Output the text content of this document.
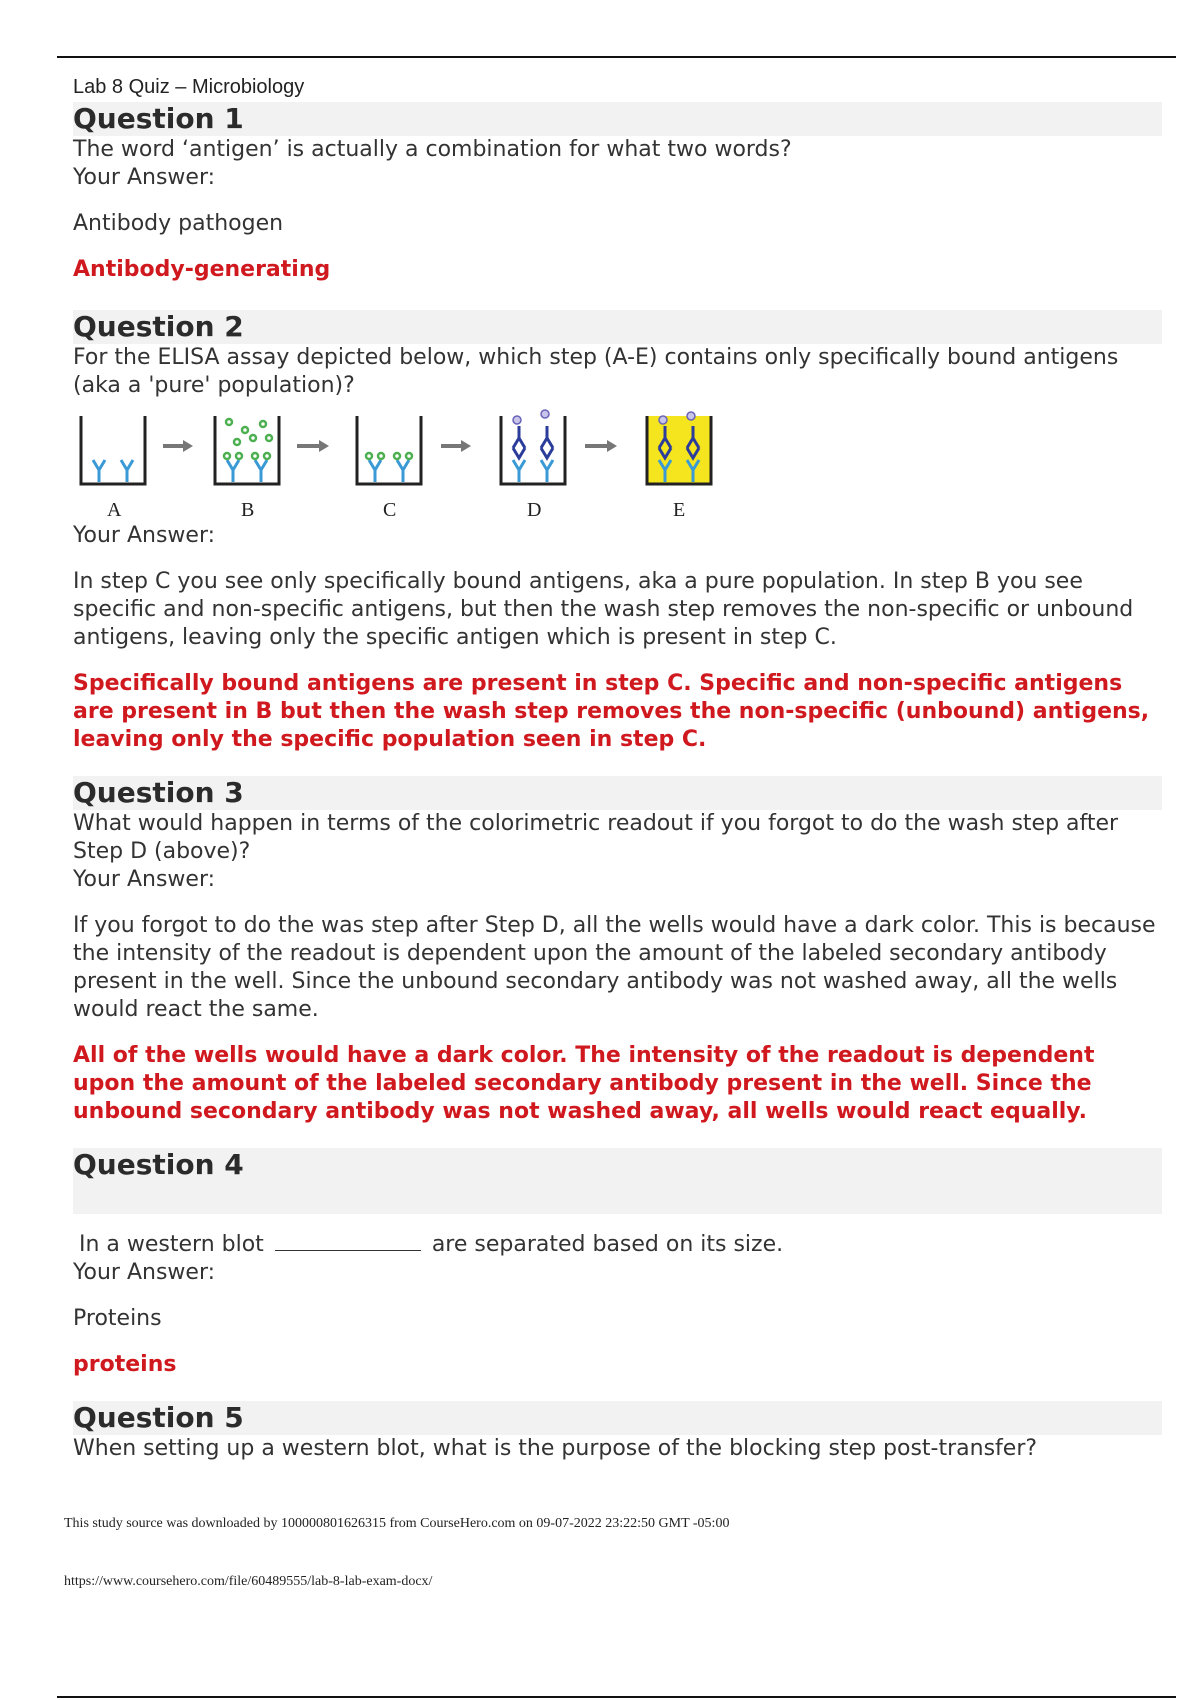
Lab 8 Quiz – Microbiology

Question 1

The word ‘antigen’ is actually a combination for what two words?

Your Answer:

Antibody pathogen

Antibody-generating

Question 2

For the ELISA assay depicted below, which step (A-E) contains only specifically bound antigens (aka a 'pure' population)?

A	B	C	D	E

Your Answer:

In step C you see only specifically bound antigens, aka a pure population. In step B you see specific and non-specific antigens, but then the wash step removes the non-specific or unbound antigens, leaving only the specific antigen which is present in step C.

Specifically bound antigens are present in step C. Specific and non-specific antigens are present in B but then the wash step removes the non-specific (unbound) antigens, leaving only the specific population seen in step C.

Question 3

What would happen in terms of the colorimetric readout if you forgot to do the wash step after Step D (above)?

Your Answer:

If you forgot to do the was step after Step D, all the wells would have a dark color. This is because the intensity of the readout is dependent upon the amount of the labeled secondary antibody present in the well. Since the unbound secondary antibody was not washed away, all the wells would react the same.

All of the wells would have a dark color. The intensity of the readout is dependent upon the amount of the labeled secondary antibody present in the well. Since the unbound secondary antibody was not washed away, all wells would react equally.

Question 4

In a western blot	are separated based on its size.

Your Answer:

Proteins

proteins

Question 5

When setting up a western blot, what is the purpose of the blocking step post-transfer?

This study source was downloaded by 100000801626315 from CourseHero.com on 09-07-2022 23:22:50 GMT -05:00
https://www.coursehero.com/file/60489555/lab-8-lab-exam-docx/
